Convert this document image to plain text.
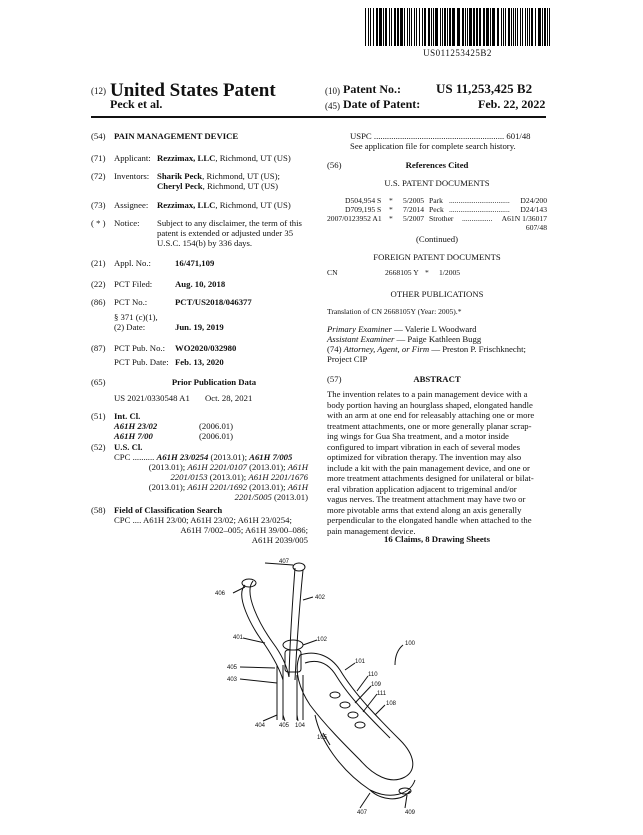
US011253425B2
(12) United States Patent
Peck et al.
(10) Patent No.:	US 11,253,425 B2
(45) Date of Patent:	Feb. 22, 2022
(54) PAIN MANAGEMENT DEVICE
(71) Applicant: Rezzimax, LLC, Richmond, UT (US)
(72) Inventors: Sharik Peck, Richmond, UT (US);
Cheryl Peck, Richmond, UT (US)
(73) Assignee: Rezzimax, LLC, Richmond, UT (US)
( * ) Notice: Subject to any disclaimer, the term of this
patent is extended or adjusted under 35
U.S.C. 154(b) by 336 days.
(21) Appl. No.:	16/471,109
(22) PCT Filed:	Aug. 10, 2018
(86) PCT No.:	PCT/US2018/046377
§ 371 (c)(1),
(2) Date:	Jun. 19, 2019
(87) PCT Pub. No.: WO2020/032980
PCT Pub. Date: Feb. 13, 2020
(65)	Prior Publication Data
US 2021/0330548 A1 Oct. 28, 2021
(51) Int. Cl.
A61H 23/02	(2006.01)
A61H 7/00	(2006.01)
(52) U.S. Cl.
CPC .......... A61H 23/0254 (2013.01); A61H 7/005
(2013.01); A61H 2201/0107 (2013.01); A61H
2201/0153 (2013.01); A61H 2201/1676
(2013.01); A61H 2201/1692 (2013.01); A61H
2201/5005 (2013.01)
(58) Field of Classification Search
CPC .... A61H 23/00; A61H 23/02; A61H 23/0254;
A61H 7/002–005; A61H 39/00–086;
A61H 2039/005
USPC ............................................................ 601/48
See application file for complete search history.
(56)	References Cited
U.S. PATENT DOCUMENTS
D504,954 S * 5/2005 Park ................................ D24/200
D709,195 S * 7/2014 Peck ................................ D24/143
2007/0123952 A1 * 5/2007 Strother ................ A61N 1/36017
607/48
(Continued)
FOREIGN PATENT DOCUMENTS
CN	2668105 Y * 1/2005
OTHER PUBLICATIONS
Translation of CN 2668105Y (Year: 2005).*
Primary Examiner — Valerie L Woodward
Assistant Examiner — Paige Kathleen Bugg
(74) Attorney, Agent, or Firm — Preston P. Frischknecht;
Project CIP
(57)	ABSTRACT
The invention relates to a pain management device with a
body portion having an hourglass shaped, elongated handle
with an arm at one end for releasably attaching one or more
treatment attachments, one or more generally planar scrap-
ing wings for Gua Sha treatment, and a motor inside
configured to impart vibration in each of several modes
optimized for vibration therapy. The invention may also
include a kit with the pain management device, and one or
more treatment attachments designed for unilateral or bilat-
eral vibration application adjacent to trigeminal and/or
vagus nerves. The treatment attachment may have two or
more pivotable arms that extend along an axis generally
perpendicular to the elongated handle when attached to the
pain management device.
16 Claims, 8 Drawing Sheets
407
406
402
401	102
100
405
403
101
110
109
111
108
404 405 104
105
407	409
